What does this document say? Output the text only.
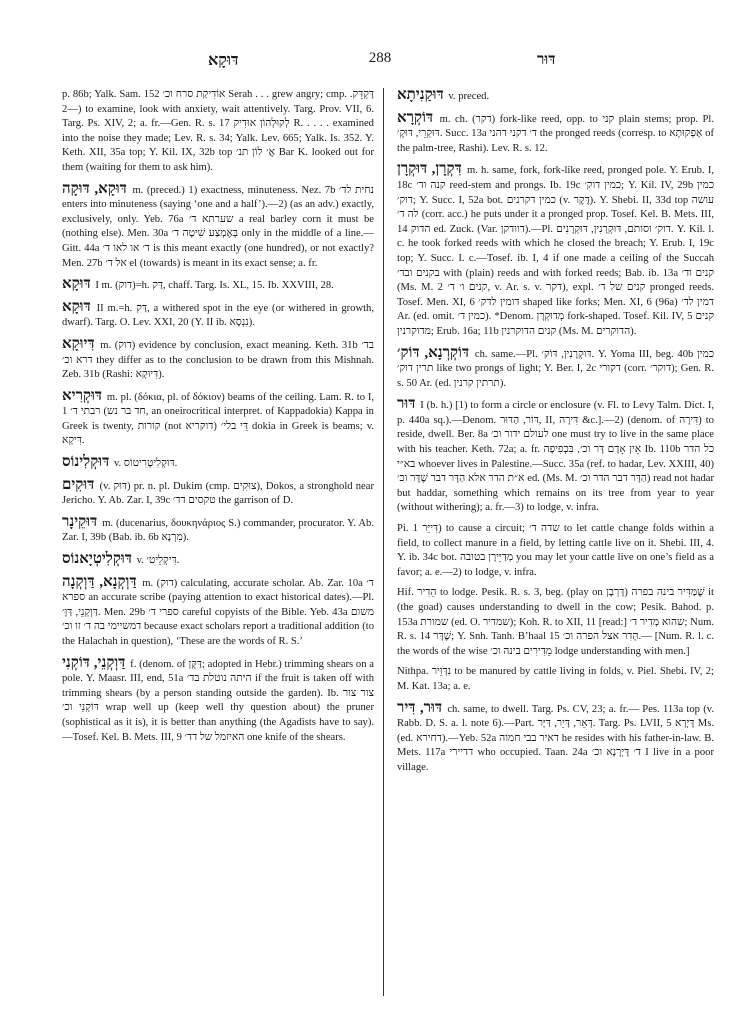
דּוּקָא	288	דּוּר

p. 86b; Yalk. Sam. 152 אוֹדִיקַת סרח וכ׳ Serah . . . grew angry; cmp. דָּקְדֵּק.—2) to examine, look with anxiety, wait attentively. Targ. Prov. VII, 6. Targ. Ps. XIV, 2; a. fr.—Gen. R. s. 17 לְקוּלְהוֹן אוּדִיק R. . . . . examined into the noise they made; Lev. R. s. 34; Yalk. Lev. 665; Yalk. Is. 352. Y. Keth. XII, 35a top; Y. Kil. IX, 32b top אֲ׳ לוֹן תנ׳ Bar K. looked out for them (waiting for them to ask him).

דּוּקָא, דּוּקָה m. (preced.) 1) exactness, minuteness. Nez. 7b נחית לד׳ enters into minuteness (saying ‘one and a half’).—2) (as an adv.) exactly, exclusively, only. Yeb. 76a שערתא ד׳ a real barley corn it must be (nothing else). Men. 30a בְּאֶמְצַע שִׁיטָה ד׳ only in the middle of a line.— Gitt. 44a ד׳ או לאו ד׳ is this meant exactly (one hundred), or not exactly? Men. 27b אל ד׳ el (towards) is meant in its exact sense; a. fr.

דּוּקָא I m. (דוק)=h. דַּק, chaff. Targ. Is. XL, 15. Ib. XXVIII, 28.

דּוּקָא II m.=h. דַּק, a withered spot in the eye (or withered in growth, dwarf). Targ. O. Lev. XXI, 20 (Y. II ib. נִנְסָא).

דִּיוּקָא m. (דוק) evidence by conclusion, exact meaning. Keth. 31b בד׳ דרא וכ׳ they differ as to the conclusion to be drawn from this Mishnah. Zeb. 31b (Rashi: דִּיוּקָא).

דּוּקְרִיא m. pl. (δόκια, pl. of δόκιον) beams of the ceiling. Lam. R. to I, 1 חד בר נש) רבתי ד׳, an oneirocritical interpret. of Kappadokia) Kappa in Greek is twenty, קורות (not דוקריא) דֵּי בלי׳ dokia in Greek is beams; v. דִּיקָא.

דּוּקְלִינוֹס v. דּוּקְלִיטָרִיטוֹס.

דּוּקִים (v. דּוּק) pr. n. pl. Dukim (cmp. צוּקִים), Dokos, a stronghold near Jericho. Y. Ab. Zar. I, 39c טקסים דד׳ the garrison of D.

דּוּקֵינָר m. (ducenarius, δουκηνάριος S.) commander, procurator. Y. Ab. Zar. I, 39b (Bab. ib. 6b מִרְנָא).

דּוּקְלִיטְיָאנוֹס v. דִּיקְלֵיט׳.

דַּוְקְנָא, דַּוְקְנָה m. (דוק) calculating, accurate scholar. Ab. Zar. 10a ד׳ ספרא an accurate scribe (paying attention to exact historical dates).—Pl. דַּוְקְנֵי, דַּוָּ׳. Men. 29b ספרי ד׳ careful copyists of the Bible. Yeb. 43a משום דמשיימי בה ד׳ זו וכ׳ because exact scholars report a traditional addition (to the Halachah in question), ‘These are the words of R. S.’

דַּוְקְנֵי, דּוֹקְנִי f. (denom. of דַּקָּן; adopted in Hebr.) trimming shears on a pole. Y. Maasr. III, end, 51a היתה נוטלת בד׳ if the fruit is taken off with trimming shears (by a person standing outside the garden). Ib. צור צור דּוֹקְנֵי וכ׳ wrap well up (keep well thy question about) the pruner (sophistical as it is), it is better than anything (the Agadists have to say).—Tosef. Kel. B. Mets. III, 9 האיזמל של דד׳ one knife of the shears.

דּוּקַנִיתָא v. preced.

דּוֹקְרָא m. ch. (דקר) fork-like reed, opp. to קני plain stems; prop. Pl. דּוּקְרֵי, דּוּקָ׳. Succ. 13a ד׳ דקני דהני the pronged reeds (corresp. to אַפְקוּתָא of the palm-tree, Rashi). Lev. R. s. 12.

דִּקְרָן, דּוּקְרָן m. h. same, fork, fork-like reed, pronged pole. Y. Erub. I, 18c קנה וד׳ reed-stem and prongs. Ib. 19c כמין דוק׳; Y. Kil. IV, 29b כמין דוק׳; Y. Succ. I, 52a bot. כמין דקרנים (v. דֶּקֶר). Y. Shebi. II, 33d top עושה לה ד׳ (corr. acc.) he puts under it a pronged prop. Tosef. Kel. B. Mets. III, 14 הדוק ed. Zuck. (Var. דוודקן).—Pl. דוק׳ וסותם, דּוּקְרָנִין, דּוּקְרָנִים. Y. Kil. l. c. he took forked reeds with which he closed the breach; Y. Erub. I, 19c top; Y. Succ. I. c.—Tosef. ib. I, 4 if one made a ceiling of the Succah בקנים ובד׳ with (plain) reeds and with forked reeds; Bab. ib. 13a קנים וד׳ (Ms. M. 2 קנים ו׳ ד׳, v. Ar. s. v. דקר), expl. קנים של ד׳ pronged reeds. Tosef. Men. XI, 6 דומין לדק׳ shaped like forks; Men. XI, 6 (96a) דמין לד׳ Ar. (ed. omit. כמין ד׳). *Denom. מְדוּקְרָן fork-shaped. Tosef. Kil. IV, 5 קנים מדוקרנין; Erub. 16a; 11b קנים הדוקרנין (Ms. M. הדוקרים).

דּוֹקְרְנָא, דּוֹק׳ ch. same.—Pl. דּוּקְרָנִין, דּוֹק׳. Y. Yoma III, beg. 40b כמין תרין דוק׳ like two prongs of light; Y. Ber. I, 2c דקורי (corr. דוקר׳); Gen. R. s. 50 Ar. (ed. תרתין קרנין).

דּוּר I (b. h.) [1) to form a circle or enclosure (v. Fl. to Levy Talm. Dict. I, p. 440a sq.).—Denom. דּוֹר, הַדּוּר, II, דִּירָה &c.].—2) (denom. of דִּירָה) to reside, dwell. Ber. 8a לעולם ידור וכ׳ one must try to live in the same place with his teacher. Keth. 72a; a. fr. אֵין אָדָם דָּר וכ׳, בִּכְפִיפָה Ib. 110b כל הדר בא״י whoever lives in Palestine.—Succ. 35a (ref. to hadar, Lev. XXIII, 40) א״ת הדר אלא הַדָּר דבר שֶׁדָּר וכ׳ ed. (Ms. M. הַדָּר דבר הדר וכ׳) read not hadar but haddar, something which remains on its tree from year to year (without withering); a. fr.—3) to lodge, v. infra.

Pi. דִּייֵּר 1) to cause a circuit; שדה ד׳ to let cattle change folds within a field, to collect manure in a field, by letting cattle live on it. Shebi. III, 4. Y. ib. 34c bot. מְדַיֵּירָן בטובה you may let your cattle live on one’s field as a favor; a. e.—2) to lodge, v. infra.

Hif. הֵדִיר to lodge. Pesik. R. s. 3, beg. (play on דָּרְבָן) שֶׁמַּדִּיר בינה בפרה it (the goad) causes understanding to dwell in the cow; Pesik. Bahod. p. 153a שמורת (ed. O. שמדיר); Koh. R. to XII, 11 [read:] שהוא מְדִיר ד׳; Num. R. s. 14 שֶׁדָּר; Y. Snh. Tanh. B’haal 15 הָדִר אצל הפרה וכ׳.— [Num. R. l. c. the words of the wise מֵדִירִים בינה וכ׳ lodge understanding with men.]

Nithpa. נִדְּוֵּיר to be manured by cattle living in folds, v. Piel. Shebi. IV, 2; M. Kat. 13a; a. e.

דּוּר, דִּיר ch. same, to dwell. Targ. Ps. CV, 23; a. fr.— Pes. 113a top (v. Rabb. D. S. a. l. note 6).—Part. דָּאֵר, דָּיֵר, דַּיָּר. Targ. Ps. LVII, 5 דָּיְרָא Ms. (ed. דחירא).—Yeb. 52a דאיר בבי חמוה he resides with his father-in-law. B. Mets. 117a דדיירי who occupied. Taan. 24a ד׳ דָּיְרָנָא וכ׳ I live in a poor village.
